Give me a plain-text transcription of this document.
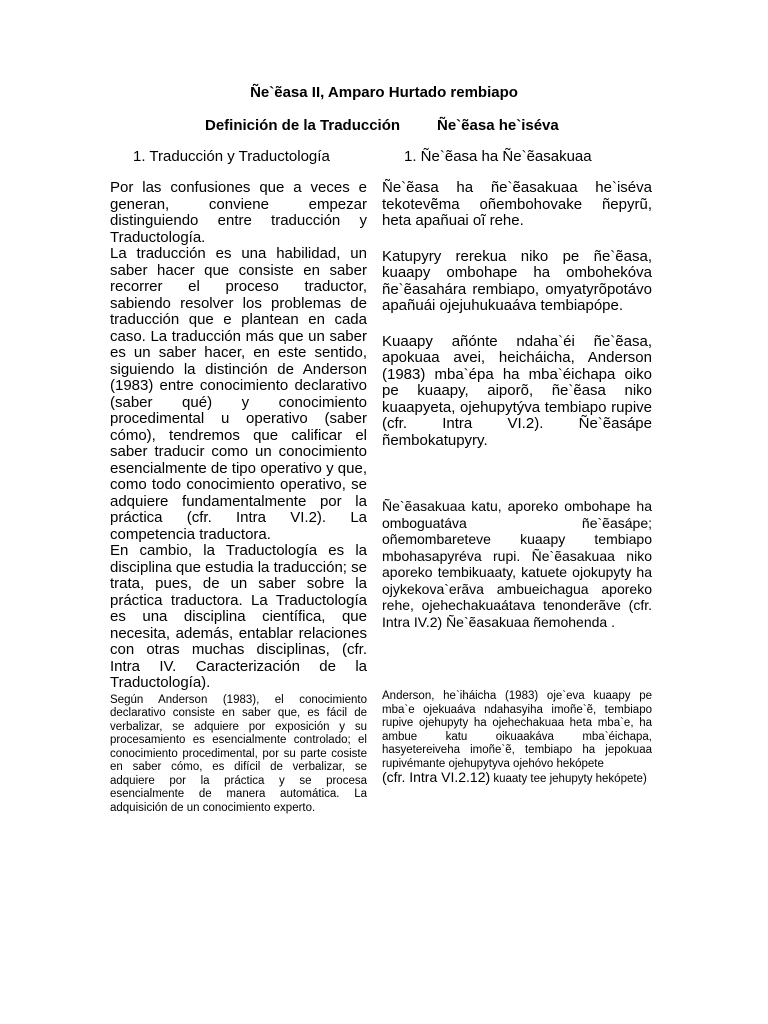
Ñe`ẽasa II, Amparo Hurtado rembiapo
Definición de la Traducción Ñe`ẽasa he`iséva
1. Traducción y Traductología	1. Ñe`ẽasa ha Ñe`ẽasakuaa

Por las confusiones que a veces e generan, conviene empezar distinguiendo entre traducción y Traductología.

La traducción es una habilidad, un saber hacer que consiste en saber recorrer el proceso traductor, sabiendo resolver los problemas de traducción que e plantean en cada caso. La traducción más que un saber es un saber hacer, en este sentido, siguiendo la distinción de Anderson (1983) entre conocimiento declarativo (saber qué) y conocimiento procedimental u operativo (saber cómo), tendremos que calificar el saber traducir como un conocimiento esencialmente de tipo operativo y que, como todo conocimiento operativo, se adquiere fundamentalmente por la práctica (cfr. Intra VI.2). La competencia traductora.

En cambio, la Traductología es la disciplina que estudia la traducción; se trata, pues, de un saber sobre la práctica traductora. La Traductología es una disciplina científica, que necesita, además, entablar relaciones con otras muchas disciplinas, (cfr. Intra IV. Caracterización de la Traductología).

Según Anderson (1983), el conocimiento declarativo consiste en saber que, es fácil de verbalizar, se adquiere por exposición y su procesamiento es esencialmente controlado; el conocimiento procedimental, por su parte cosiste en saber cómo, es difícil de verbalizar, se adquiere por la práctica y se procesa esencialmente de manera automática. La adquisición de un conocimiento experto.

Ñe`ẽasa ha ñe`ẽasakuaa he`iséva tekotevẽma oñembohovake ñepyrũ, heta apañuai oĩ rehe.

Katupyry rerekua niko pe ñe`ẽasa, kuaapy ombohape ha ombohekóva ñe`ẽasahára rembiapo, omyatyrõpotávo apañuái ojejuhukuaáva tembiapópe.

Kuaapy añónte ndaha`éi ñe`ẽasa, apokuaa avei, heicháicha, Anderson (1983) mba`épa ha mba`éichapa oiko pe kuaapy, aiporõ, ñe`ẽasa niko kuaapyeta, ojehupytýva tembiapo rupive (cfr. Intra VI.2). Ñe`ẽasápe ñembokatupyry.

Ñe`ẽasakuaa katu, aporeko ombohape ha omboguatáva ñe`ẽasápe; oñemombareteve kuaapy tembiapo mbohasapyréva rupi. Ñe`ẽasakuaa niko aporeko tembikuaaty, katuete ojokupyty ha ojykekova`erãva ambueichagua aporeko rehe, ojehechakuaátava tenonderãve (cfr. Intra IV.2) Ñe`ẽasakuaa ñemohenda .

Anderson, he`iháicha (1983) oje`eva kuaapy pe mba`e ojekuaáva ndahasyiha imoñe`ẽ, tembiapo rupive ojehupyty ha ojehechakuaa heta mba`e, ha ambue katu oikuaakáva mba`éichapa, hasyetereiveha imoñe`ẽ, tembiapo ha jepokuaa rupivémante ojehupytyva ojehóvo hekópete
(cfr. Intra VI.2.12) kuaaty tee jehupyty hekópete)
